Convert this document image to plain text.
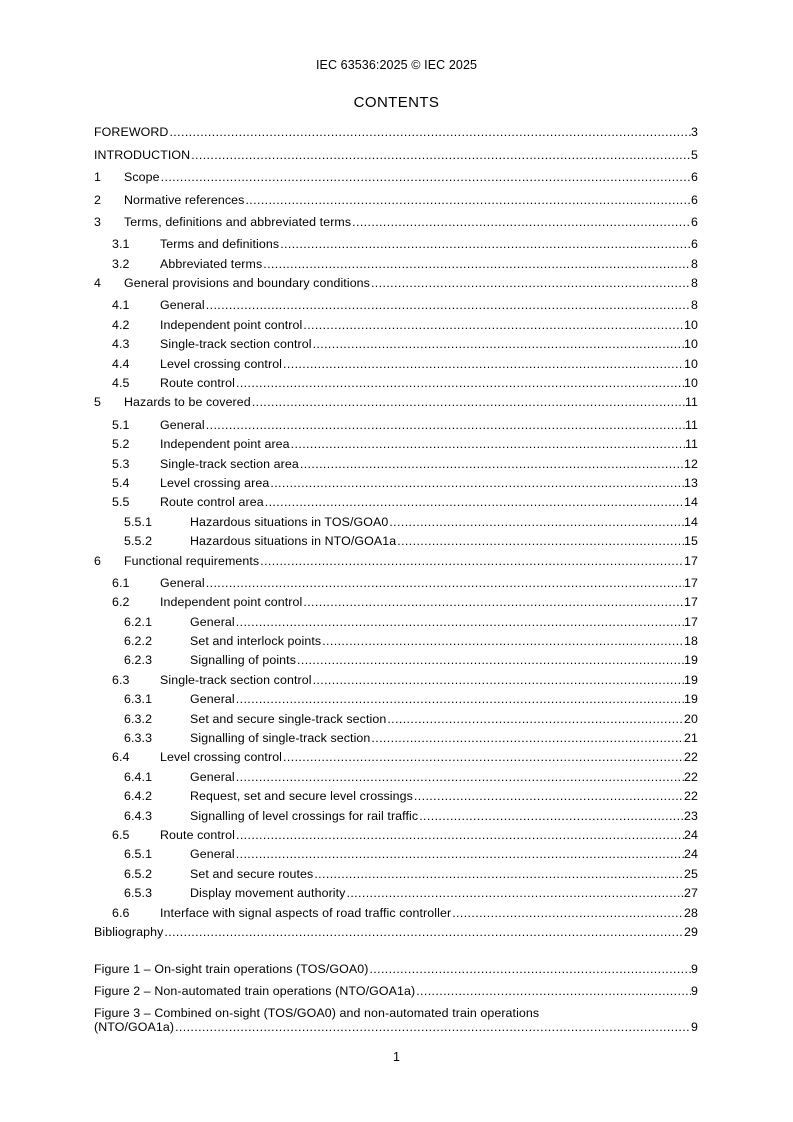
IEC 63536:2025 © IEC 2025
CONTENTS
FOREWORD .....	3
INTRODUCTION .....	5
1	Scope .....	6
2	Normative references .....	6
3	Terms, definitions and abbreviated terms .....	6
3.1	Terms and definitions .....	6
3.2	Abbreviated terms .....	8
4	General provisions and boundary conditions .....	8
4.1	General .....	8
4.2	Independent point control .....	10
4.3	Single-track section control .....	10
4.4	Level crossing control .....	10
4.5	Route control .....	10
5	Hazards to be covered .....	11
5.1	General .....	11
5.2	Independent point area .....	11
5.3	Single-track section area .....	12
5.4	Level crossing area .....	13
5.5	Route control area .....	14
5.5.1	Hazardous situations in TOS/GOA0 .....	14
5.5.2	Hazardous situations in NTO/GOA1a .....	15
6	Functional requirements .....	17
6.1	General .....	17
6.2	Independent point control .....	17
6.2.1	General .....	17
6.2.2	Set and interlock points .....	18
6.2.3	Signalling of points .....	19
6.3	Single-track section control .....	19
6.3.1	General .....	19
6.3.2	Set and secure single-track section .....	20
6.3.3	Signalling of single-track section .....	21
6.4	Level crossing control .....	22
6.4.1	General .....	22
6.4.2	Request, set and secure level crossings .....	22
6.4.3	Signalling of level crossings for rail traffic .....	23
6.5	Route control .....	24
6.5.1	General .....	24
6.5.2	Set and secure routes .....	25
6.5.3	Display movement authority .....	27
6.6	Interface with signal aspects of road traffic controller .....	28
Bibliography .....	29
Figure 1 – On-sight train operations (TOS/GOA0) .....	9
Figure 2 – Non-automated train operations (NTO/GOA1a) .....	9
Figure 3 – Combined on-sight (TOS/GOA0) and non-automated train operations
(NTO/GOA1a) .....	9
1
